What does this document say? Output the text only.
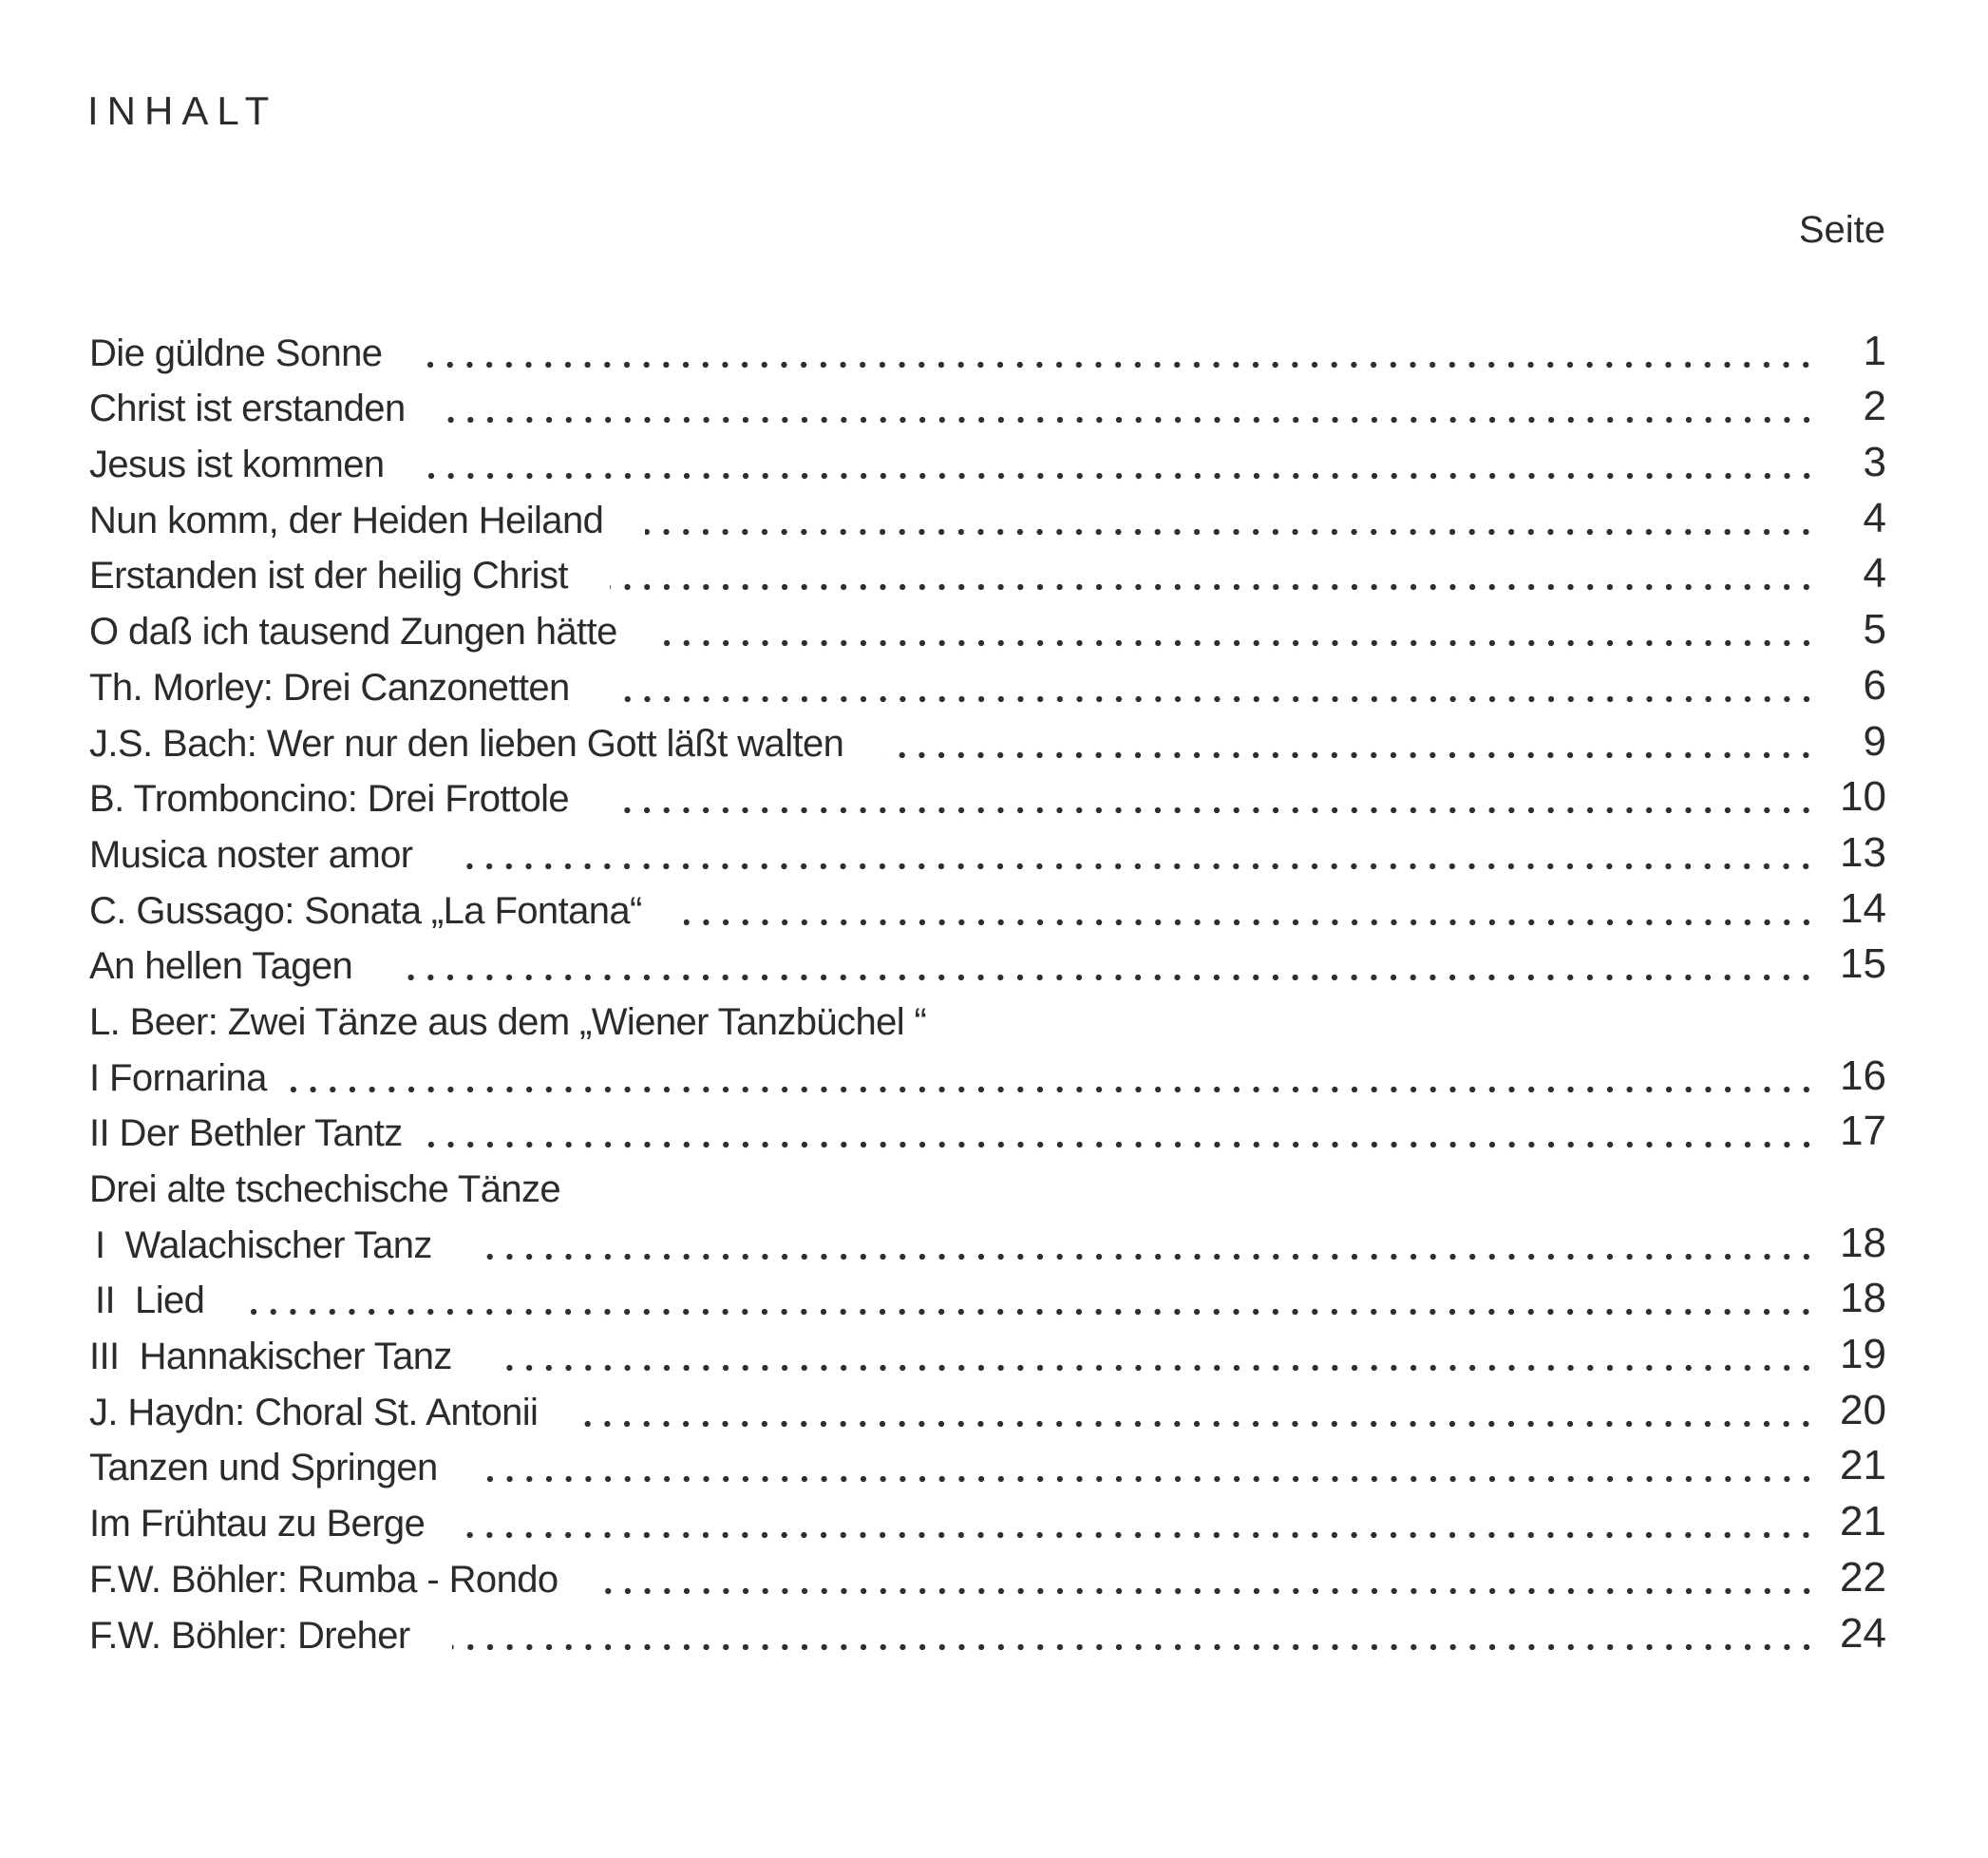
INHALT
Seite
Die güldne Sonne	1
Christ ist erstanden	2
Jesus ist kommen	3
Nun komm, der Heiden Heiland	4
Erstanden ist der heilig Christ	4
O daß ich tausend Zungen hätte	5
Th. Morley: Drei Canzonetten	6
J.S. Bach: Wer nur den lieben Gott läßt walten	9
B. Tromboncino: Drei Frottole	10
Musica noster amor	13
C. Gussago: Sonata „La Fontana“	14
An hellen Tagen	15
L. Beer: Zwei Tänze aus dem „Wiener Tanzbüchel “
I Fornarina	16
II Der Bethler Tantz	17
Drei alte tschechische Tänze
I  Walachischer Tanz	18
II  Lied	18
III  Hannakischer Tanz	19
J. Haydn: Choral St. Antonii	20
Tanzen und Springen	21
Im Frühtau zu Berge	21
F.W. Böhler: Rumba - Rondo	22
F.W. Böhler: Dreher	24
